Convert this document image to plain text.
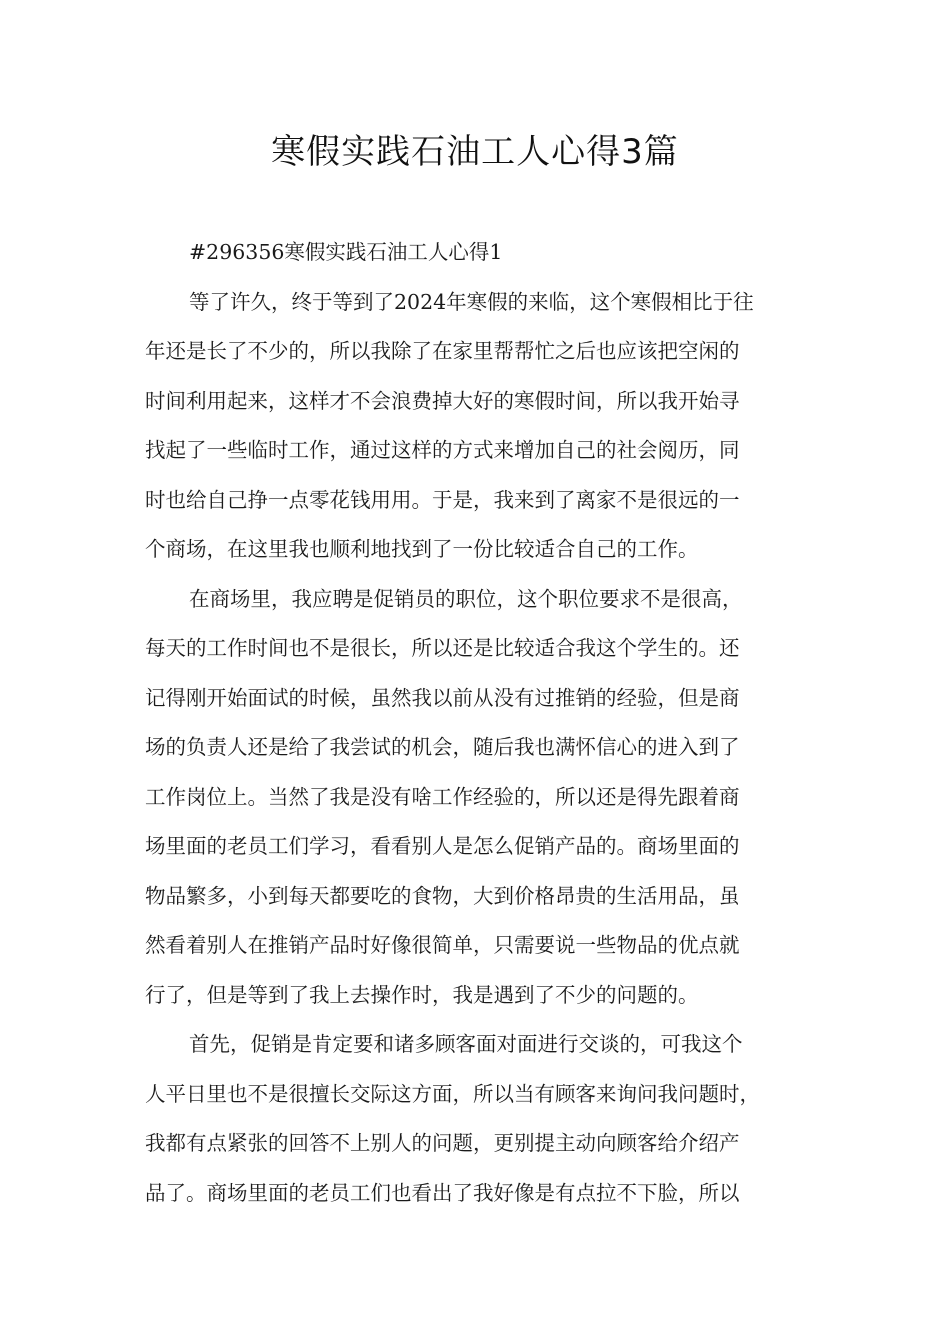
寒假实践石油工人心得3篇
#296356寒假实践石油工人心得1
等了许久，终于等到了2024年寒假的来临，这个寒假相比于往
年还是长了不少的，所以我除了在家里帮帮忙之后也应该把空闲的
时间利用起来，这样才不会浪费掉大好的寒假时间，所以我开始寻
找起了一些临时工作，通过这样的方式来增加自己的社会阅历，同
时也给自己挣一点零花钱用用。于是，我来到了离家不是很远的一
个商场，在这里我也顺利地找到了一份比较适合自己的工作。
在商场里，我应聘是促销员的职位，这个职位要求不是很高，
每天的工作时间也不是很长，所以还是比较适合我这个学生的。还
记得刚开始面试的时候，虽然我以前从没有过推销的经验，但是商
场的负责人还是给了我尝试的机会，随后我也满怀信心的进入到了
工作岗位上。当然了我是没有啥工作经验的，所以还是得先跟着商
场里面的老员工们学习，看看别人是怎么促销产品的。商场里面的
物品繁多，小到每天都要吃的食物，大到价格昂贵的生活用品，虽
然看着别人在推销产品时好像很简单，只需要说一些物品的优点就
行了，但是等到了我上去操作时，我是遇到了不少的问题的。
首先，促销是肯定要和诸多顾客面对面进行交谈的，可我这个
人平日里也不是很擅长交际这方面，所以当有顾客来询问我问题时，
我都有点紧张的回答不上别人的问题，更别提主动向顾客给介绍产
品了。商场里面的老员工们也看出了我好像是有点拉不下脸，所以
